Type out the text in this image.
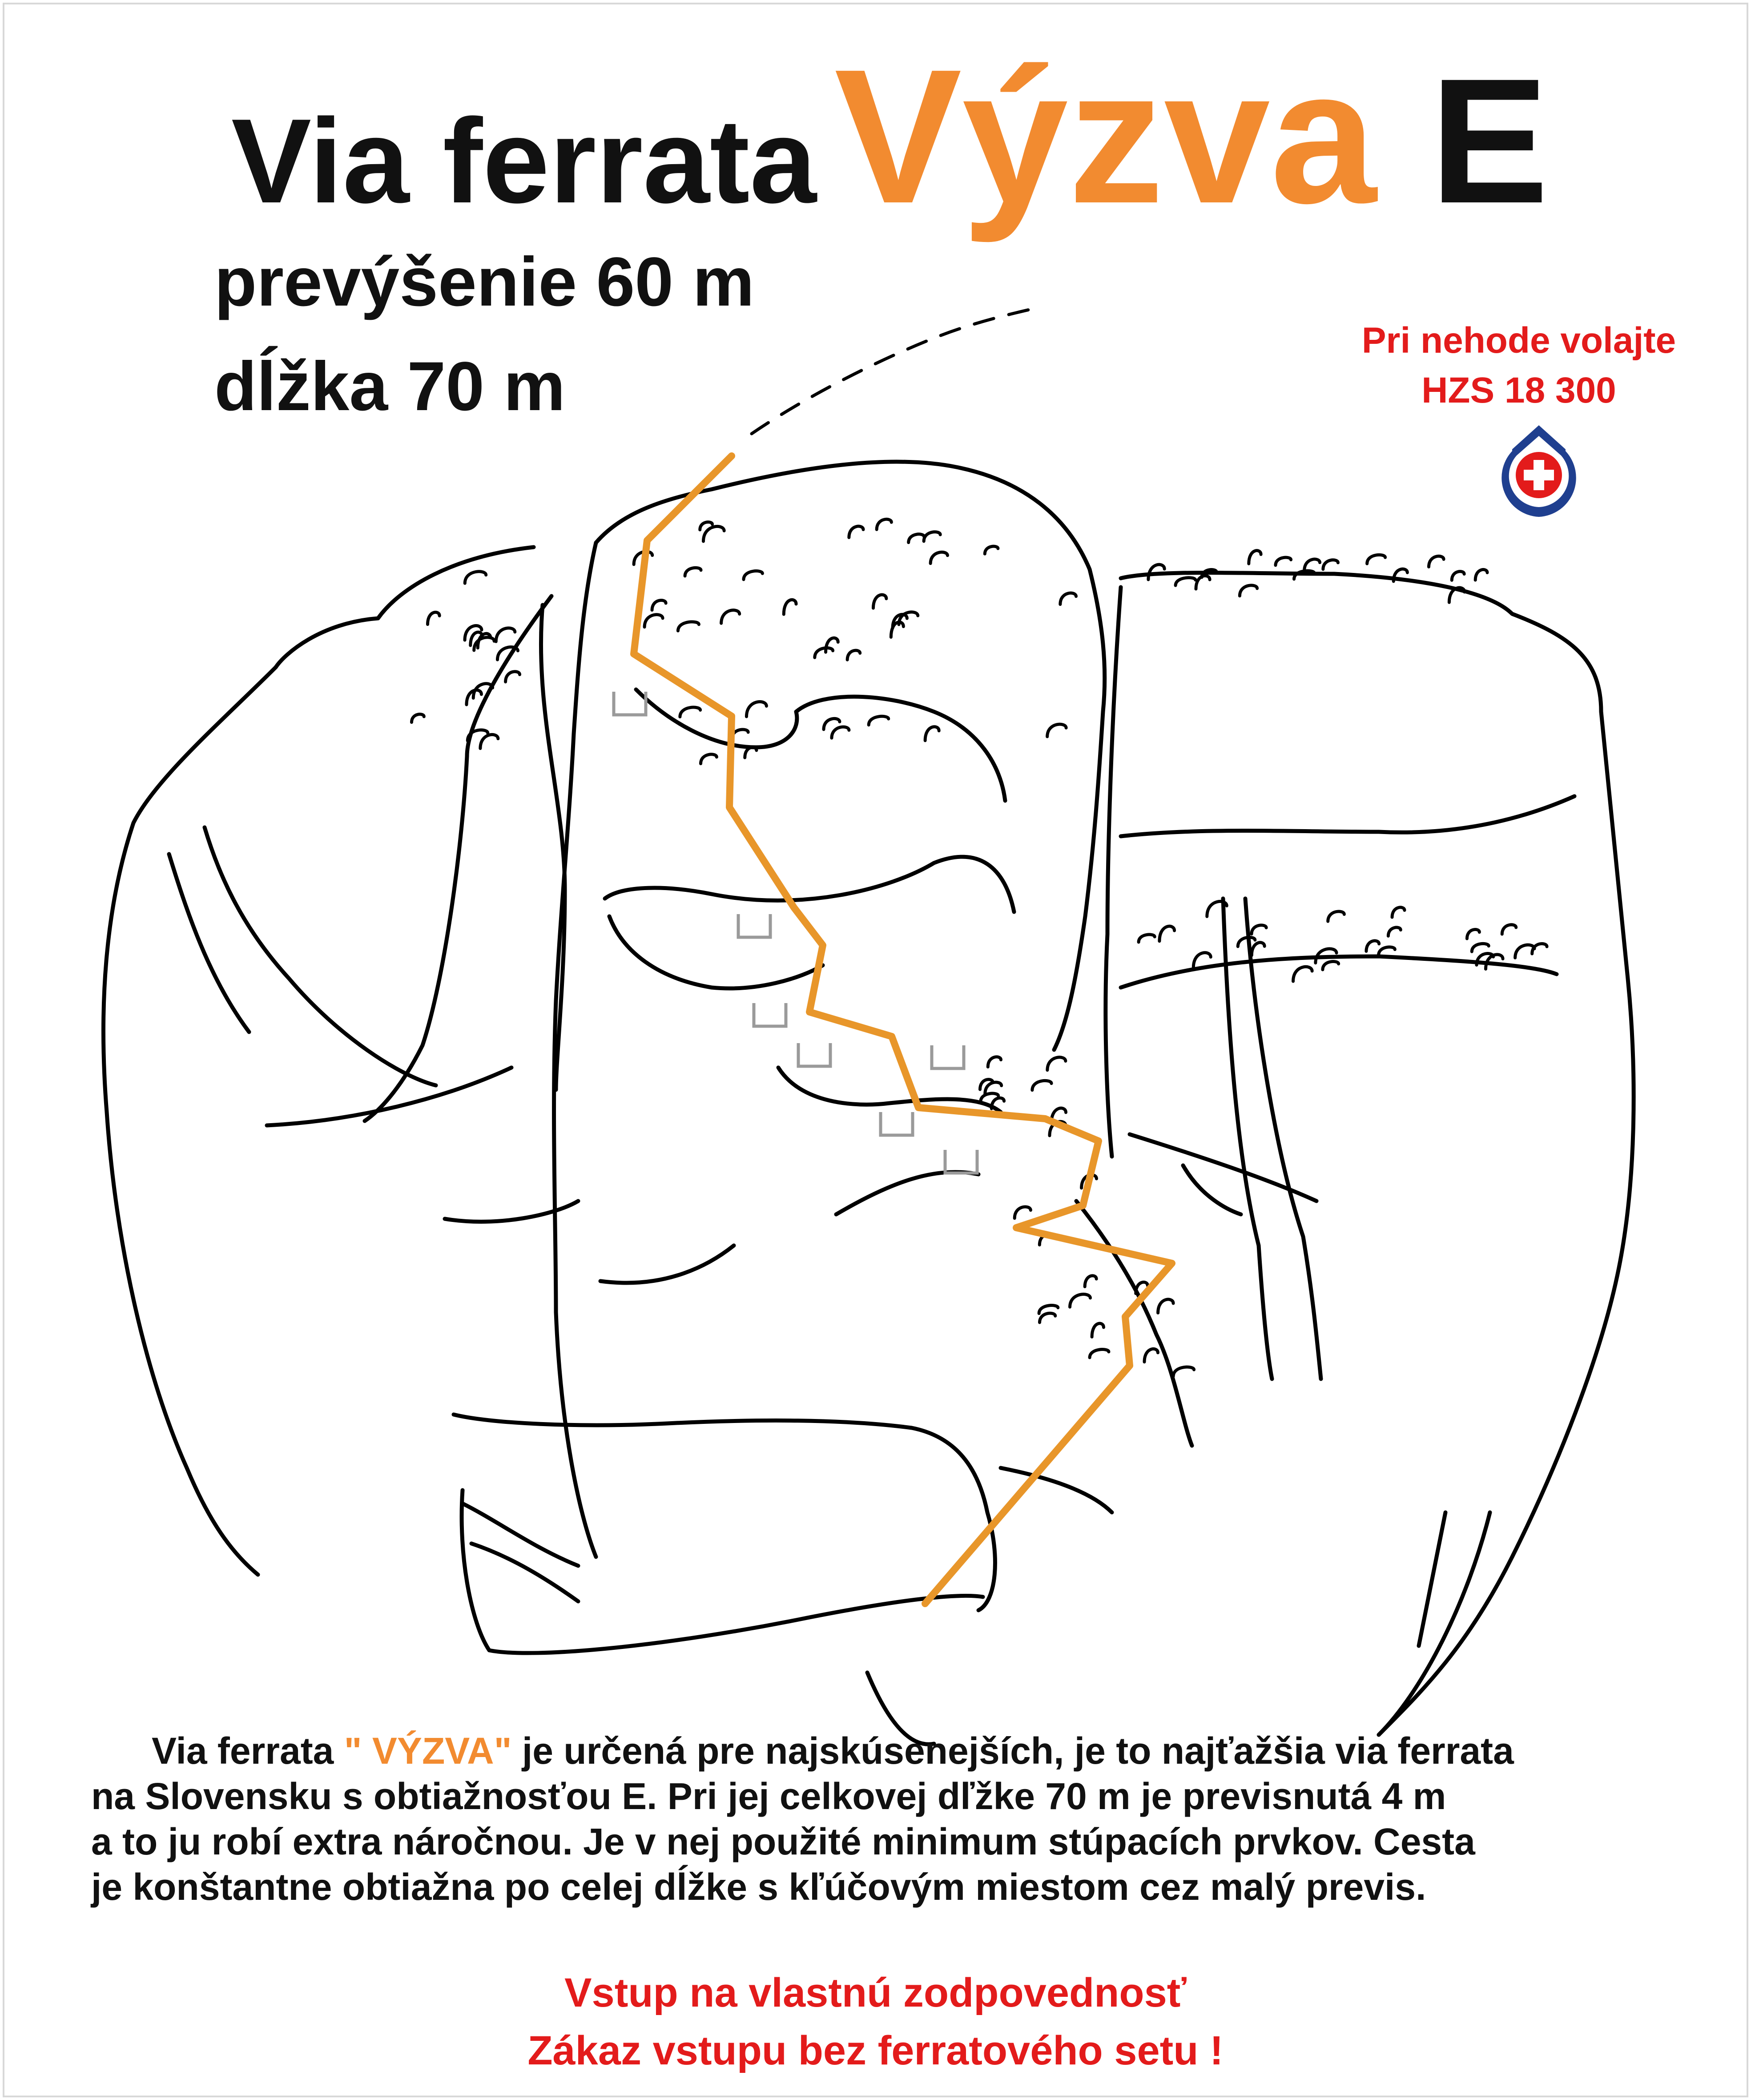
Via ferrataVýzva E
prevýšenie 60 m
dĺžka 70 m
Pri nehode volajte
HZS 18 300
Via ferrata " VÝZVA" je určená pre najskúsenejších, je to najťažšia via ferrata
na Slovensku s obtiažnosťou E. Pri jej celkovej dľžke 70 m je previsnutá 4 m
a to ju robí extra náročnou. Je v nej použité minimum stúpacích prvkov. Cesta
je konštantne obtiažna po celej dĺžke s kľúčovým miestom cez malý previs.
Vstup na vlastnú zodpovednosť
Zákaz vstupu bez ferratového setu !
